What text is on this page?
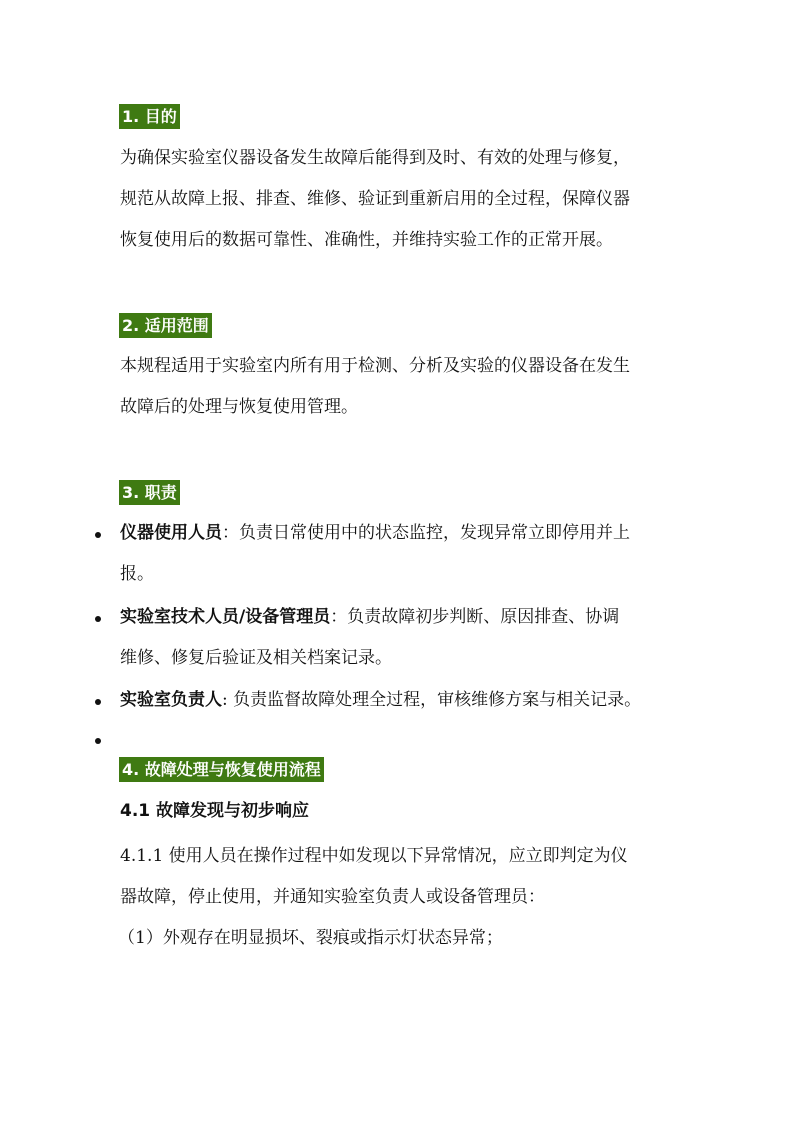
1. 目的
为确保实验室仪器设备发生故障后能得到及时、有效的处理与修复，
规范从故障上报、排查、维修、验证到重新启用的全过程，保障仪器
恢复使用后的数据可靠性、准确性，并维持实验工作的正常开展。
2. 适用范围
本规程适用于实验室内所有用于检测、分析及实验的仪器设备在发生
故障后的处理与恢复使用管理。
3. 职责
仪器使用人员：负责日常使用中的状态监控，发现异常立即停用并上
报。
实验室技术人员/设备管理员：负责故障初步判断、原因排查、协调
维修、修复后验证及相关档案记录。
实验室负责人: 负责监督故障处理全过程，审核维修方案与相关记录。
4. 故障处理与恢复使用流程
4.1 故障发现与初步响应
4.1.1 使用人员在操作过程中如发现以下异常情况，应立即判定为仪
器故障，停止使用，并通知实验室负责人或设备管理员：
（1）外观存在明显损坏、裂痕或指示灯状态异常；
